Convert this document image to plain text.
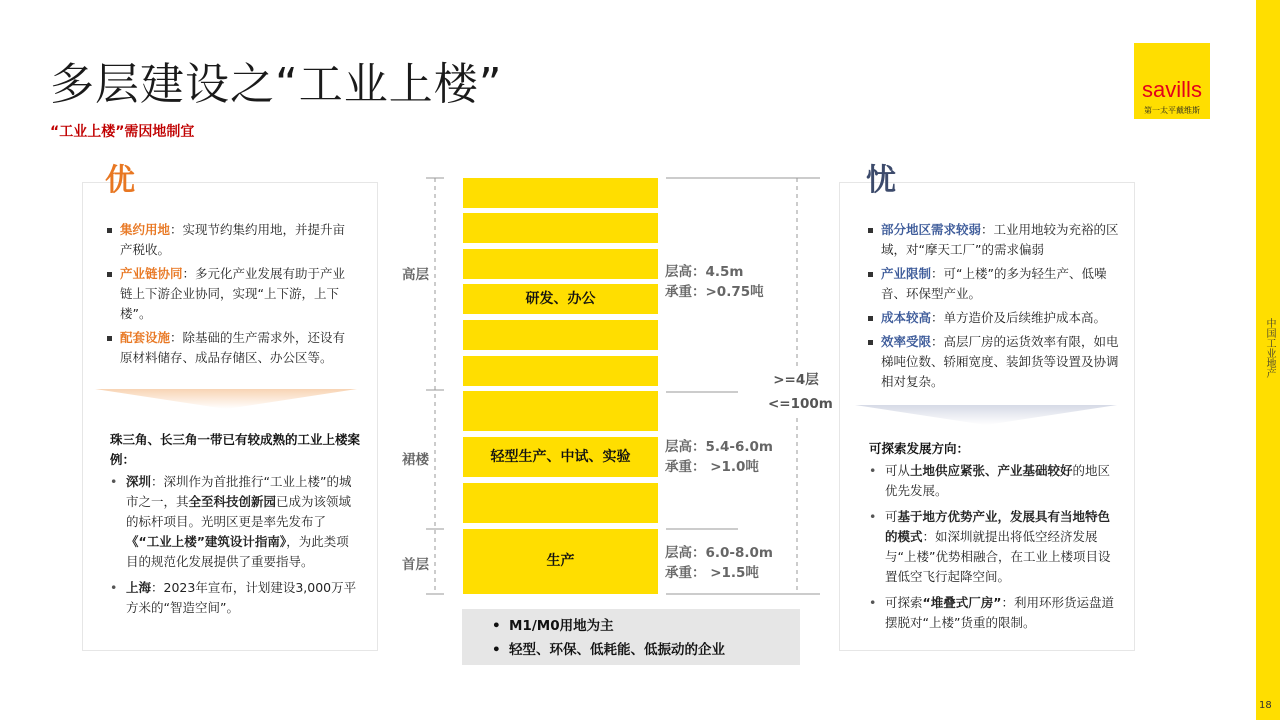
多层建设之“工业上楼”
“工业上楼”需因地制宜
savills
第一太平戴维斯
中国工业地产
18
优
集约用地：实现节约集约用地，并提升亩产税收。
产业链协同：多元化产业发展有助于产业链上下游企业协同，实现“上下游，上下楼”。
配套设施：除基础的生产需求外，还设有原材料储存、成品存储区、办公区等。
珠三角、长三角一带已有较成熟的工业上楼案例：
• 深圳：深圳作为首批推行“工业上楼”的城市之一，其全至科技创新园已成为该领域的标杆项目。光明区更是率先发布了《“工业上楼”建筑设计指南》，为此类项目的规范化发展提供了重要指导。
• 上海：2023年宣布，计划建设3,000万平方米的“智造空间”。
研发、办公
轻型生产、中试、实验
生产
高层
裙楼
首层
层高：4.5m
承重：>0.75吨
层高：5.4-6.0m
承重： >1.0吨
层高：6.0-8.0m
承重： >1.5吨
>=4层
<=100m
• M1/M0用地为主
• 轻型、环保、低耗能、低振动的企业
忧
部分地区需求较弱：工业用地较为充裕的区域，对“摩天工厂”的需求偏弱
产业限制：可“上楼”的多为轻生产、低噪音、环保型产业。
成本较高：单方造价及后续维护成本高。
效率受限：高层厂房的运货效率有限，如电梯吨位数、轿厢宽度、装卸货等设置及协调相对复杂。
可探索发展方向：
• 可从土地供应紧张、产业基础较好的地区优先发展。
• 可基于地方优势产业，发展具有当地特色的模式：如深圳就提出将低空经济发展与“上楼”优势相融合，在工业上楼项目设置低空飞行起降空间。
• 可探索“堆叠式厂房”：利用环形货运盘道摆脱对“上楼”货重的限制。
